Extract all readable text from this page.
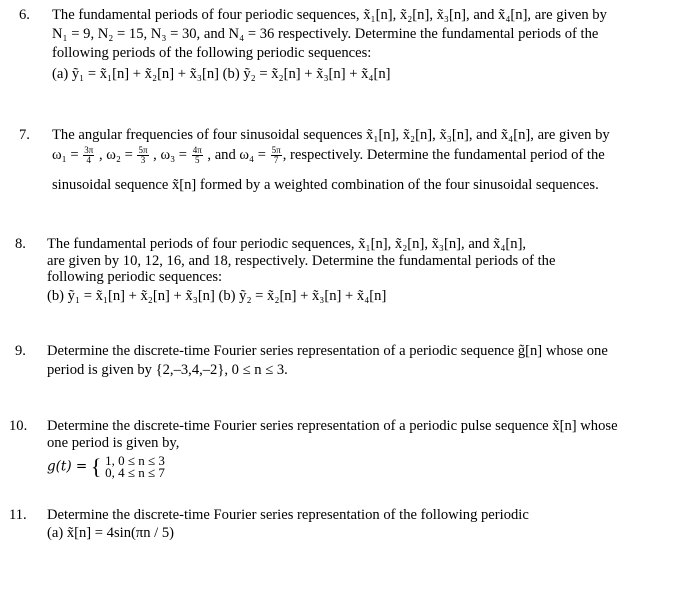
6. The fundamental periods of four periodic sequences, x̃₁[n], x̃₂[n], x̃₃[n], and x̃₄[n], are given by
N₁ = 9, N₂ = 15, N₃ = 30, and N₄ = 36 respectively. Determine the fundamental periods of the
following periods of the following periodic sequences:
(a) ỹ₁ = x̃₁[n] + x̃₂[n] + x̃₃[n] (b) ỹ₂ = x̃₂[n] + x̃₃[n] + x̃₄[n]
7. The angular frequencies of four sinusoidal sequences x̃₁[n], x̃₂[n], x̃₃[n], and x̃₄[n], are given by
$\omega_1 = \frac{3\pi}{4}$ , $\omega_2 = \frac{5\pi}{3}$ , $\omega_3 = \frac{4\pi}{5}$ , and $\omega_4 = \frac{5\pi}{7}$ , respectively. Determine the fundamental period of the
sinusoidal sequence x̃[n] formed by a weighted combination of the four sinusoidal sequences.
8. The fundamental periods of four periodic sequences, x̃₁[n], x̃₂[n], x̃₃[n], and x̃₄[n],
are given by 10, 12, 16, and 18, respectively. Determine the fundamental periods of the
following periodic sequences:
(b) ỹ₁ = x̃₁[n] + x̃₂[n] + x̃₃[n] (b) ỹ₂ = x̃₂[n] + x̃₃[n] + x̃₄[n]
9. Determine the discrete-time Fourier series representation of a periodic sequence g̃[n] whose one
period is given by {2,–3,4,–2}, 0 ≤ n ≤ 3.
10. Determine the discrete-time Fourier series representation of a periodic pulse sequence x̃[n] whose
one period is given by,
g(t) = { 1, 0 ≤ n ≤ 3
0, 4 ≤ n ≤ 7
11. Determine the discrete-time Fourier series representation of the following periodic
(a) x̃[n] = 4sin(πn / 5)
